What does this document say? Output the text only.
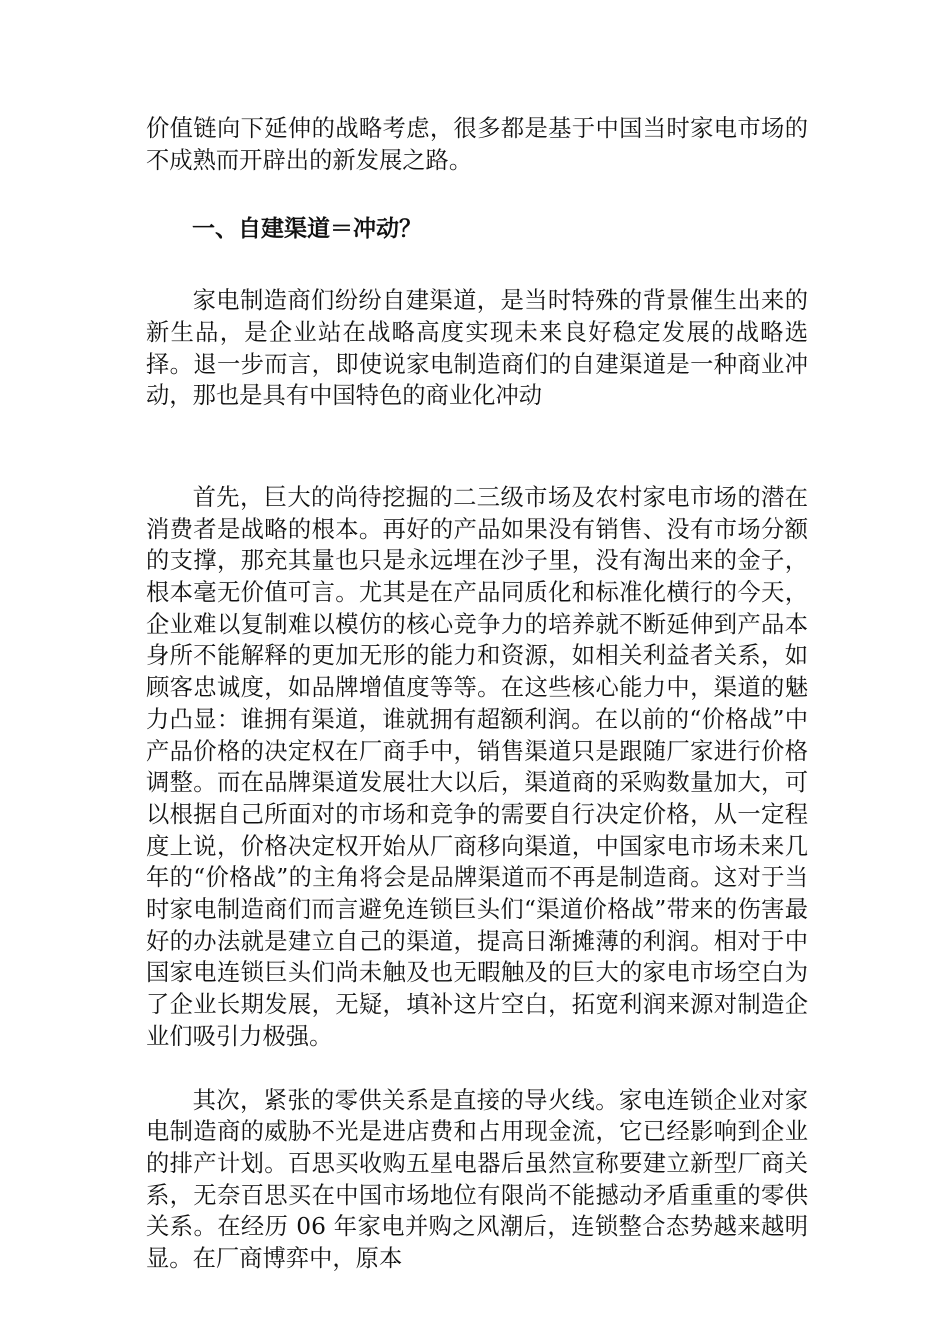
价值链向下延伸的战略考虑，很多都是基于中国当时家电市场的不成熟而开辟出的新发展之路。

一、自建渠道＝冲动？

家电制造商们纷纷自建渠道，是当时特殊的背景催生出来的新生品，是企业站在战略高度实现未来良好稳定发展的战略选择。退一步而言，即使说家电制造商们的自建渠道是一种商业冲动，那也是具有中国特色的商业化冲动

首先，巨大的尚待挖掘的二三级市场及农村家电市场的潜在消费者是战略的根本。再好的产品如果没有销售、没有市场分额的支撑，那充其量也只是永远埋在沙子里，没有淘出来的金子，根本毫无价值可言。尤其是在产品同质化和标准化横行的今天，企业难以复制难以模仿的核心竞争力的培养就不断延伸到产品本身所不能解释的更加无形的能力和资源，如相关利益者关系，如顾客忠诚度，如品牌增值度等等。在这些核心能力中，渠道的魅力凸显：谁拥有渠道，谁就拥有超额利润。在以前的“价格战”中产品价格的决定权在厂商手中，销售渠道只是跟随厂家进行价格调整。而在品牌渠道发展壮大以后，渠道商的采购数量加大，可以根据自己所面对的市场和竞争的需要自行决定价格，从一定程度上说，价格决定权开始从厂商移向渠道，中国家电市场未来几年的“价格战”的主角将会是品牌渠道而不再是制造商。这对于当时家电制造商们而言避免连锁巨头们“渠道价格战”带来的伤害最好的办法就是建立自己的渠道，提高日渐摊薄的利润。相对于中国家电连锁巨头们尚未触及也无暇触及的巨大的家电市场空白为了企业长期发展，无疑，填补这片空白，拓宽利润来源对制造企业们吸引力极强。

其次，紧张的零供关系是直接的导火线。家电连锁企业对家电制造商的威胁不光是进店费和占用现金流，它已经影响到企业的排产计划。百思买收购五星电器后虽然宣称要建立新型厂商关系，无奈百思买在中国市场地位有限尚不能撼动矛盾重重的零供关系。在经历 06 年家电并购之风潮后，连锁整合态势越来越明显。在厂商博弈中，原本
